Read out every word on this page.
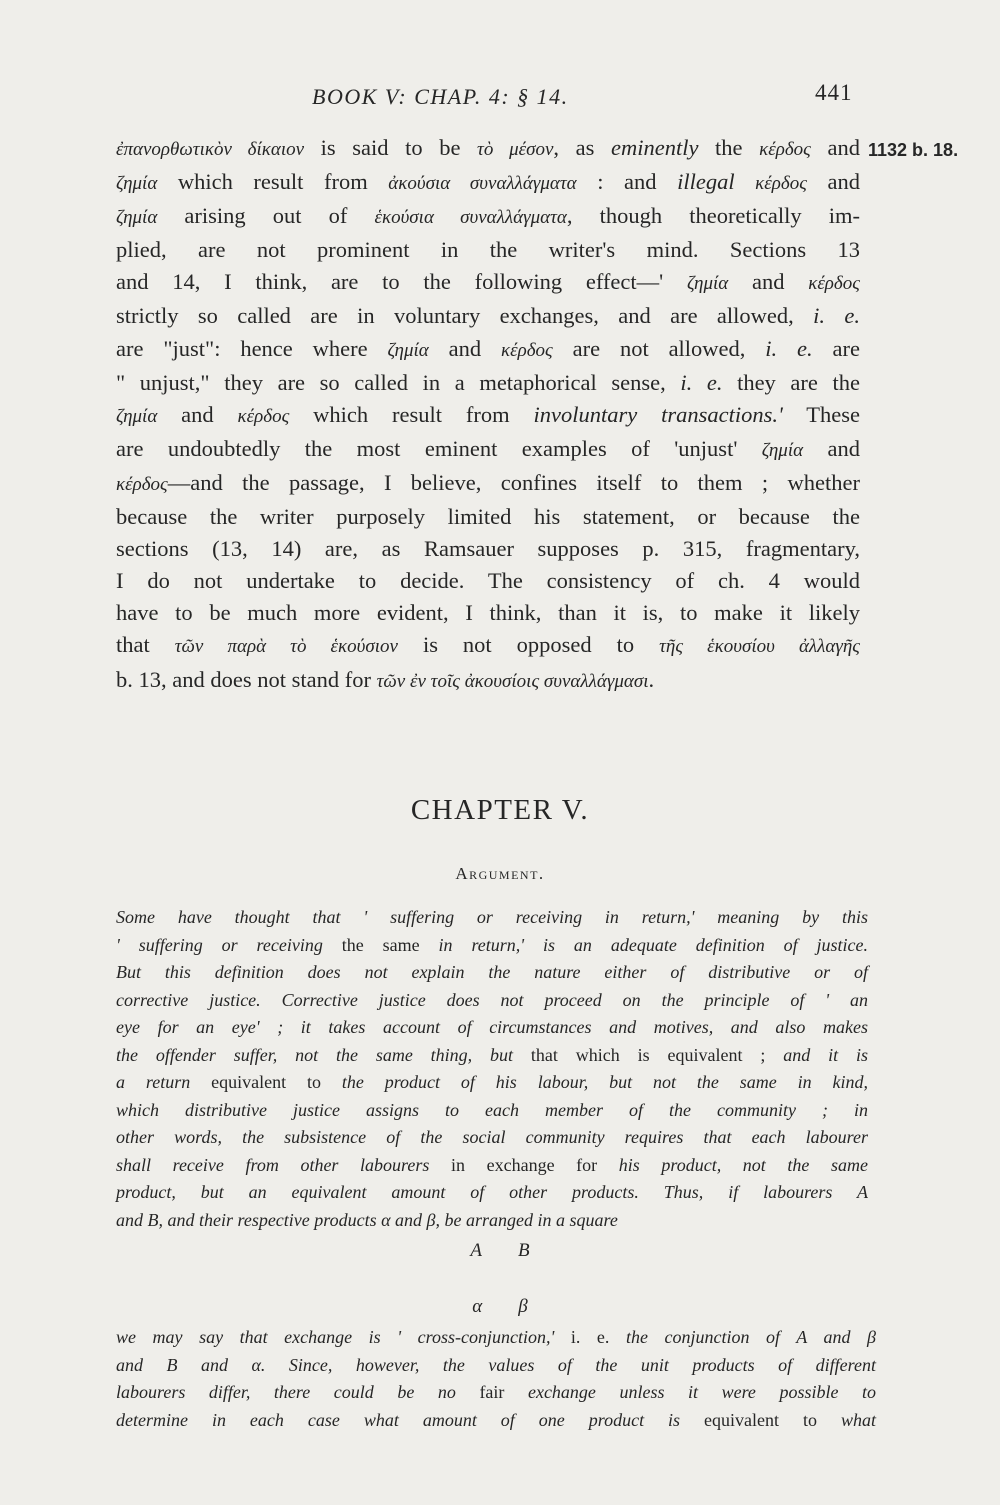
BOOK V: CHAP. 4: § 14.	441
1132 b. 18.
ἐπανορθωτικὸν δίκαιον is said to be τὸ μέσον, as eminently the κέρδος and
ζημία which result from ἀκούσια συναλλάγματα : and illegal κέρδος and
ζημία arising out of ἑκούσια συναλλάγματα, though theoretically im-
plied, are not prominent in the writer's mind. Sections 13
and 14, I think, are to the following effect—' ζημία and κέρδος
strictly so called are in voluntary exchanges, and are allowed, i. e.
are "just": hence where ζημία and κέρδος are not allowed, i. e. are
" unjust," they are so called in a metaphorical sense, i. e. they are the
ζημία and κέρδος which result from involuntary transactions.' These
are undoubtedly the most eminent examples of 'unjust' ζημία and
κέρδος—and the passage, I believe, confines itself to them ; whether
because the writer purposely limited his statement, or because the
sections (13, 14) are, as Ramsauer supposes p. 315, fragmentary,
I do not undertake to decide. The consistency of ch. 4 would
have to be much more evident, I think, than it is, to make it likely
that τῶν παρὰ τὸ ἑκούσιον is not opposed to τῆς ἑκουσίου ἀλλαγῆς
b. 13, and does not stand for τῶν ἐν τοῖς ἀκουσίοις συναλλάγμασι.
CHAPTER V.
Argument.
Some have thought that ' suffering or receiving in return,' meaning by this
' suffering or receiving the same in return,' is an adequate definition of justice.
But this definition does not explain the nature either of distributive or of
corrective justice. Corrective justice does not proceed on the principle of ' an
eye for an eye' ; it takes account of circumstances and motives, and also makes
the offender suffer, not the same thing, but that which is equivalent ; and it is
a return equivalent to the product of his labour, but not the same in kind,
which distributive justice assigns to each member of the community ; in
other words, the subsistence of the social community requires that each labourer
shall receive from other labourers in exchange for his product, not the same
product, but an equivalent amount of other products. Thus, if labourers A
and B, and their respective products α and β, be arranged in a square
A B
α β
we may say that exchange is ' cross-conjunction,' i. e. the conjunction of A and β
and B and α. Since, however, the values of the unit products of different
labourers differ, there could be no fair exchange unless it were possible to
determine in each case what amount of one product is equivalent to what
